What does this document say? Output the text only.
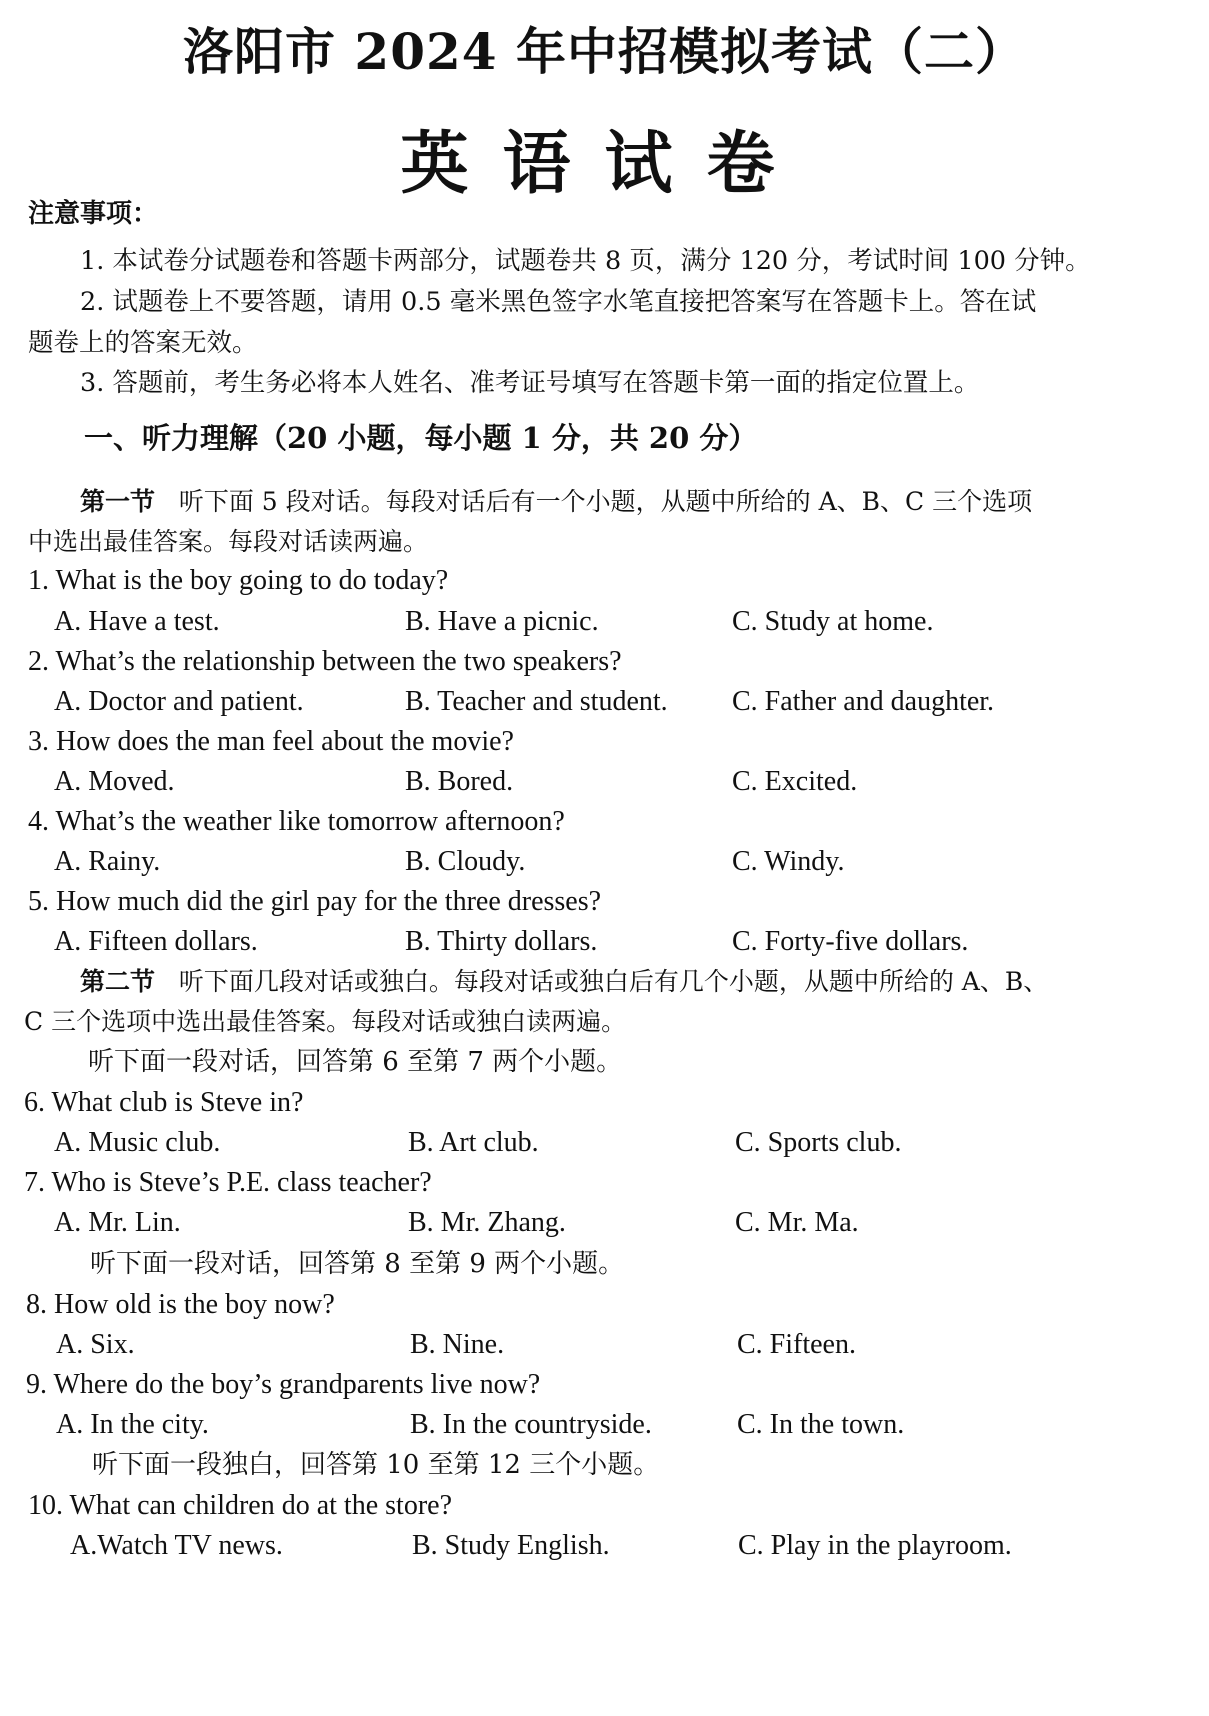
洛阳市 2024 年中招模拟考试（二）
英语试卷
注意事项：
1. 本试卷分试题卷和答题卡两部分，试题卷共 8 页，满分 120 分，考试时间 100 分钟。
2. 试题卷上不要答题，请用 0.5 毫米黑色签字水笔直接把答案写在答题卡上。答在试
题卷上的答案无效。
3. 答题前，考生务必将本人姓名、准考证号填写在答题卡第一面的指定位置上。
一、听力理解（20 小题，每小题 1 分，共 20 分）
第一节 听下面 5 段对话。每段对话后有一个小题，从题中所给的 A、B、C 三个选项
中选出最佳答案。每段对话读两遍。
1. What is the boy going to do today?
A. Have a test.	B. Have a picnic.	C. Study at home.
2. What’s the relationship between the two speakers?
A. Doctor and patient.	B. Teacher and student. C. Father and daughter.
3. How does the man feel about the movie?
A. Moved.	B. Bored.	C. Excited.
4. What’s the weather like tomorrow afternoon?
A. Rainy.	B. Cloudy.	C. Windy.
5. How much did the girl pay for the three dresses?
A. Fifteen dollars.	B. Thirty dollars.	C. Forty-five dollars.
第二节 听下面几段对话或独白。每段对话或独白后有几个小题，从题中所给的 A、B、
C 三个选项中选出最佳答案。每段对话或独白读两遍。
听下面一段对话，回答第 6 至第 7 两个小题。
6. What club is Steve in?
A. Music club.	B. Art club.	C. Sports club.
7. Who is Steve’s P.E. class teacher?
A. Mr. Lin.	B. Mr. Zhang.	C. Mr. Ma.
听下面一段对话，回答第 8 至第 9 两个小题。
8. How old is the boy now?
A. Six.	B. Nine.	C. Fifteen.
9. Where do the boy’s grandparents live now?
A. In the city.	B. In the countryside.	C. In the town.
听下面一段独白，回答第 10 至第 12 三个小题。
10. What can children do at the store?
A.Watch TV news.	B. Study English.	C. Play in the playroom.
